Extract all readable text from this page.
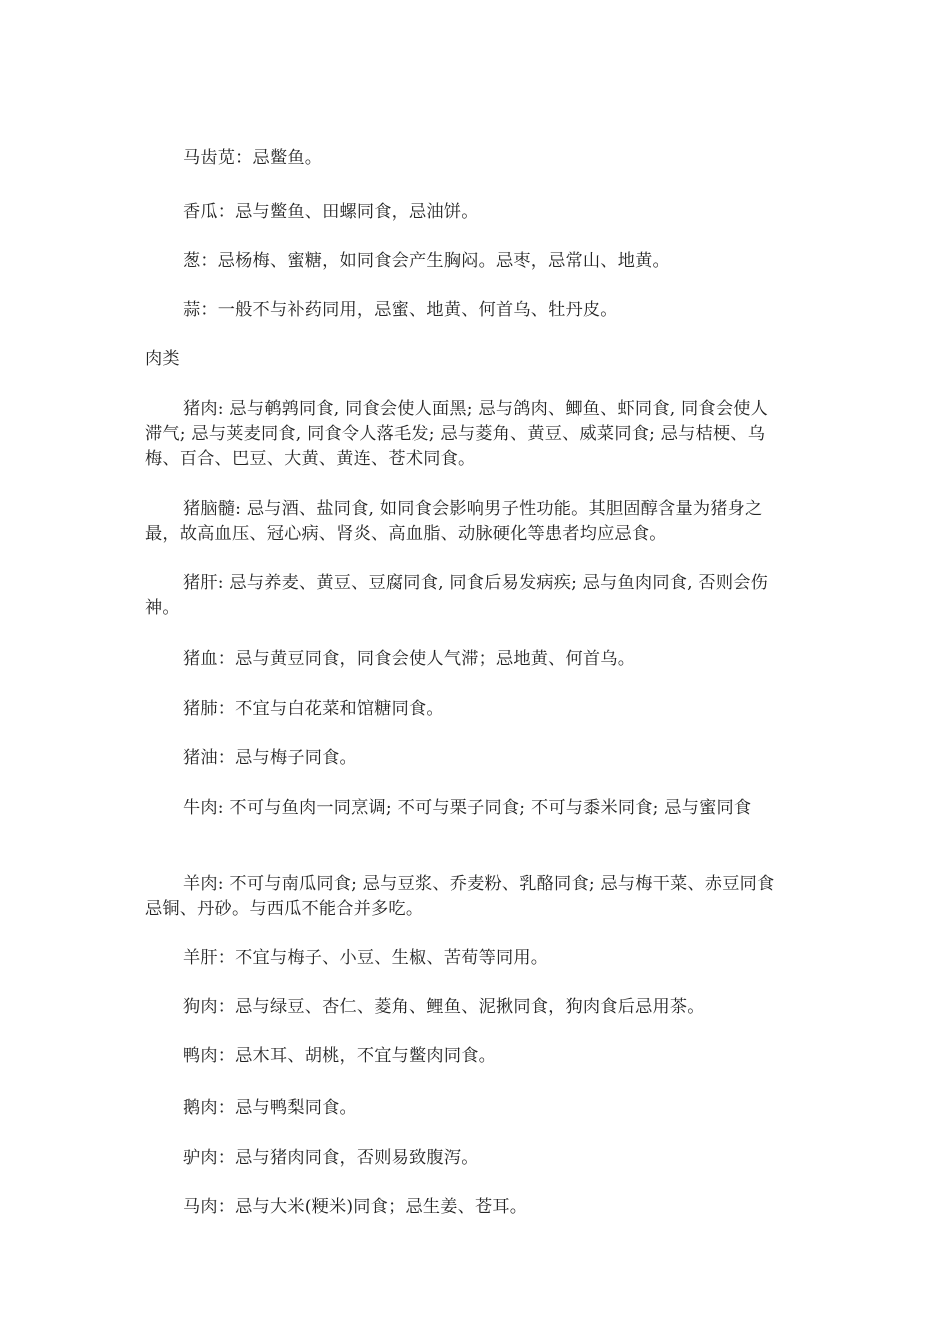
马齿苋：忌鳖鱼。

香瓜：忌与鳖鱼、田螺同食，忌油饼。

葱：忌杨梅、蜜糖，如同食会产生胸闷。忌枣，忌常山、地黄。

蒜：一般不与补药同用，忌蜜、地黄、何首乌、牡丹皮。

肉类

猪肉: 忌与鹌鹑同食, 同食会使人面黑; 忌与鸽肉、鲫鱼、虾同食, 同食会使人
滞气; 忌与荚麦同食, 同食令人落毛发; 忌与菱角、黄豆、威菜同食; 忌与桔梗、乌
梅、百合、巴豆、大黄、黄连、苍术同食。

猪脑髓: 忌与酒、盐同食, 如同食会影响男子性功能。其胆固醇含量为猪身之
最，故高血压、冠心病、肾炎、高血脂、动脉硬化等患者均应忌食。

猪肝: 忌与养麦、黄豆、豆腐同食, 同食后易发病疾; 忌与鱼肉同食, 否则会伤
神。

猪血：忌与黄豆同食，同食会使人气滞；忌地黄、何首乌。

猪肺：不宜与白花菜和馆糖同食。

猪油：忌与梅子同食。

牛肉: 不可与鱼肉一同烹调; 不可与栗子同食; 不可与黍米同食; 忌与蜜同食

羊肉: 不可与南瓜同食; 忌与豆浆、乔麦粉、乳酪同食; 忌与梅干菜、赤豆同食
忌铜、丹砂。与西瓜不能合并多吃。

羊肝：不宜与梅子、小豆、生椒、苦荀等同用。

狗肉：忌与绿豆、杏仁、菱角、鲤鱼、泥揪同食，狗肉食后忌用茶。

鸭肉：忌木耳、胡桃，不宜与鳖肉同食。

鹅肉：忌与鸭梨同食。

驴肉：忌与猪肉同食，否则易致腹泻。

马肉：忌与大米(粳米)同食；忌生姜、苍耳。
